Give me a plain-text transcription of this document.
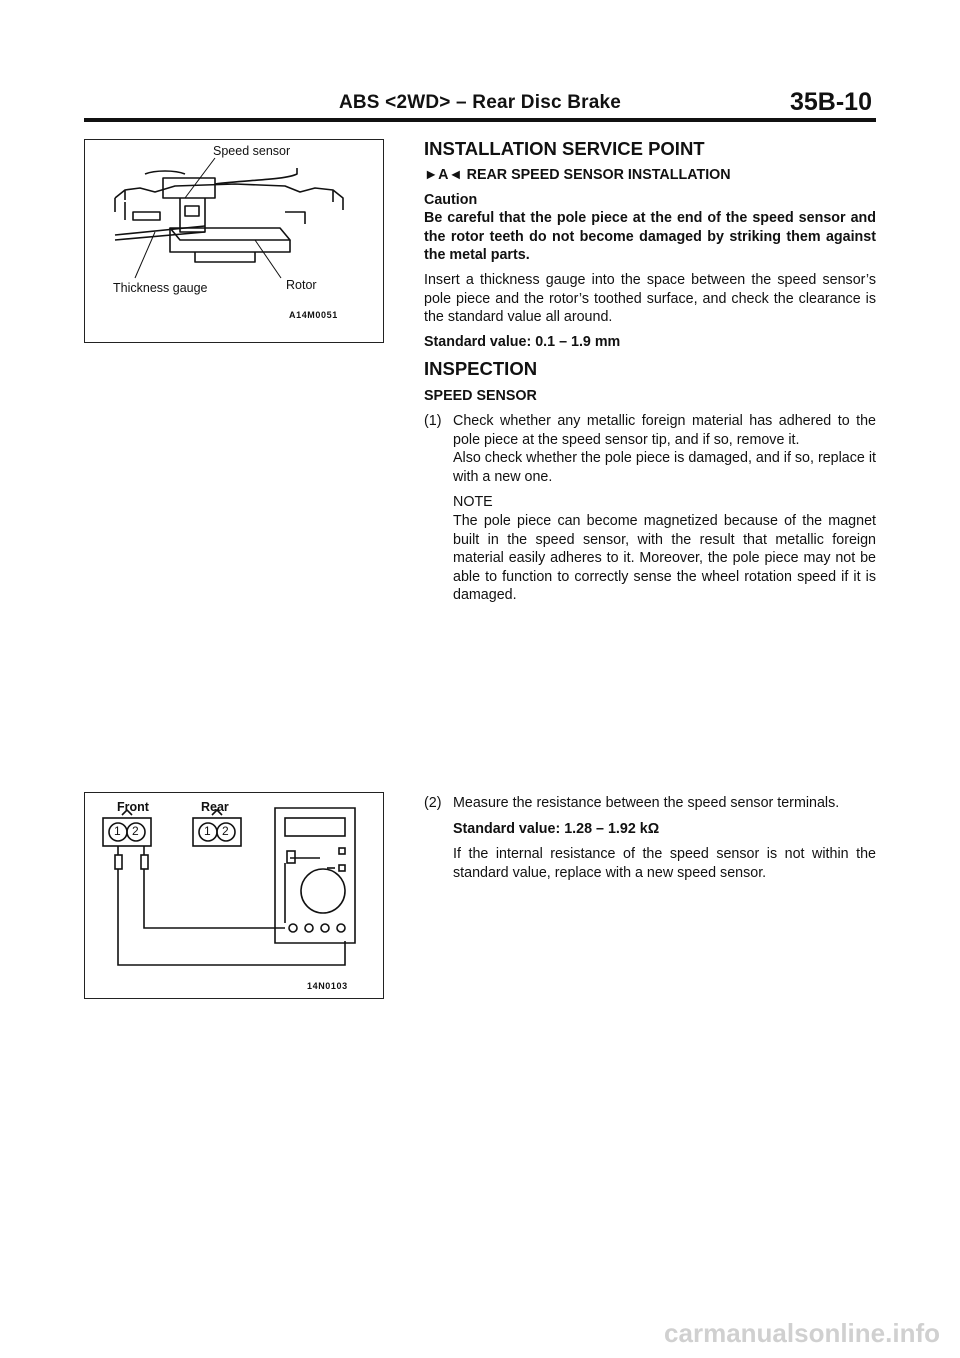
ABS <2WD> – Rear Disc Brake	35B-10
Speed sensor
Thickness gauge	Rotor
A14M0051
Front	Rear
1 2	1 2
14N0103
INSTALLATION SERVICE POINT
►A◄ REAR SPEED SENSOR INSTALLATION
Caution

Be careful that the pole piece at the end of the speed sensor and the rotor teeth do not become damaged by striking them against the metal parts.

Insert a thickness gauge into the space between the speed sensor’s pole piece and the rotor’s toothed surface, and check the clearance is the standard value all around.

Standard value: 0.1 – 1.9 mm
INSPECTION
SPEED SENSOR
(1) Check whether any metallic foreign material has adhered to the pole piece at the speed sensor tip, and if so, remove it.

Also check whether the pole piece is damaged, and if so, replace it with a new one.

NOTE

The pole piece can become magnetized because of the magnet built in the speed sensor, with the result that metallic foreign material easily adheres to it. Moreover, the pole piece may not be able to function to correctly sense the wheel rotation speed if it is damaged.

(2) Measure the resistance between the speed sensor terminals.

Standard value: 1.28 – 1.92 kΩ

If the internal resistance of the speed sensor is not within the standard value, replace with a new speed sensor.

carmanualsonline.info
